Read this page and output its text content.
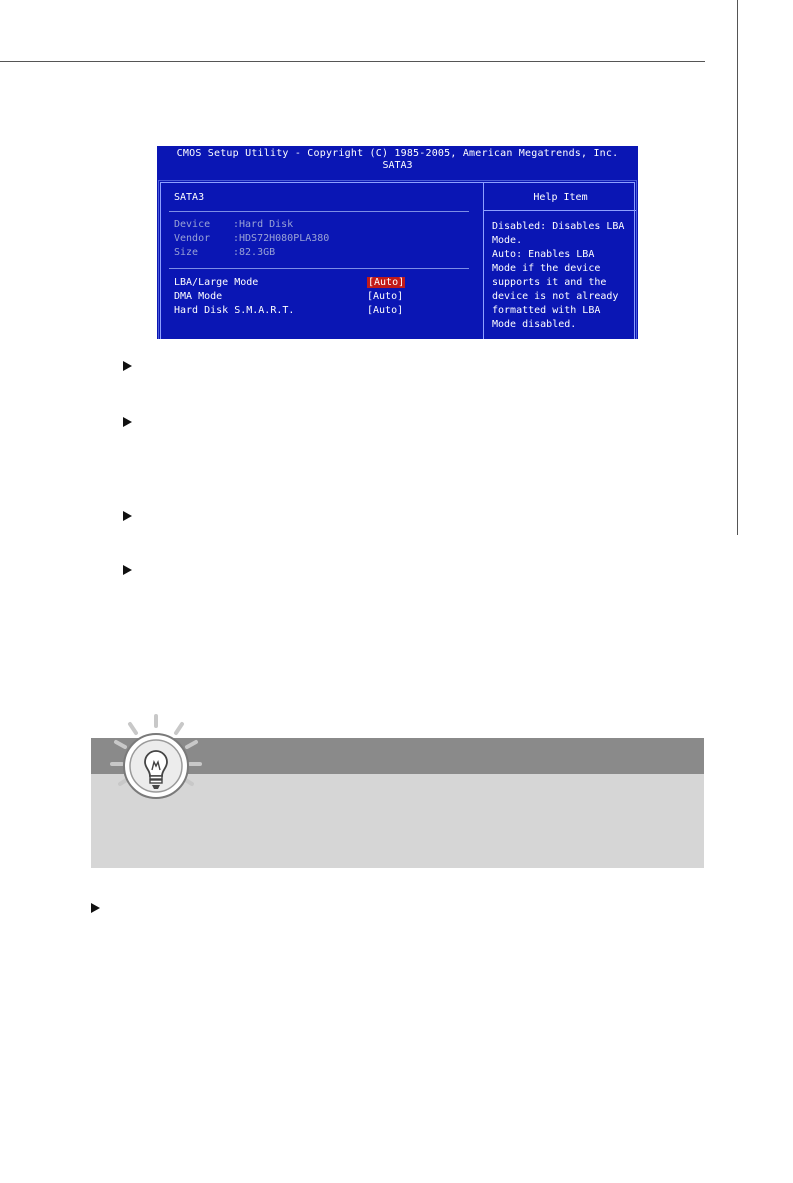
CMOS Setup Utility - Copyright (C) 1985-2005, American Megatrends, Inc.
SATA3
SATA3
Device :Hard Disk
Vendor :HDS72H080PLA380
Size	:82.3GB
LBA/Large Mode	[Auto]
DMA Mode	[Auto]
Hard Disk S.M.A.R.T.	[Auto]
Help Item
Disabled: Disables LBA
Mode.
Auto: Enables LBA
Mode if the device
supports it and the
device is not already
formatted with LBA
Mode disabled.
